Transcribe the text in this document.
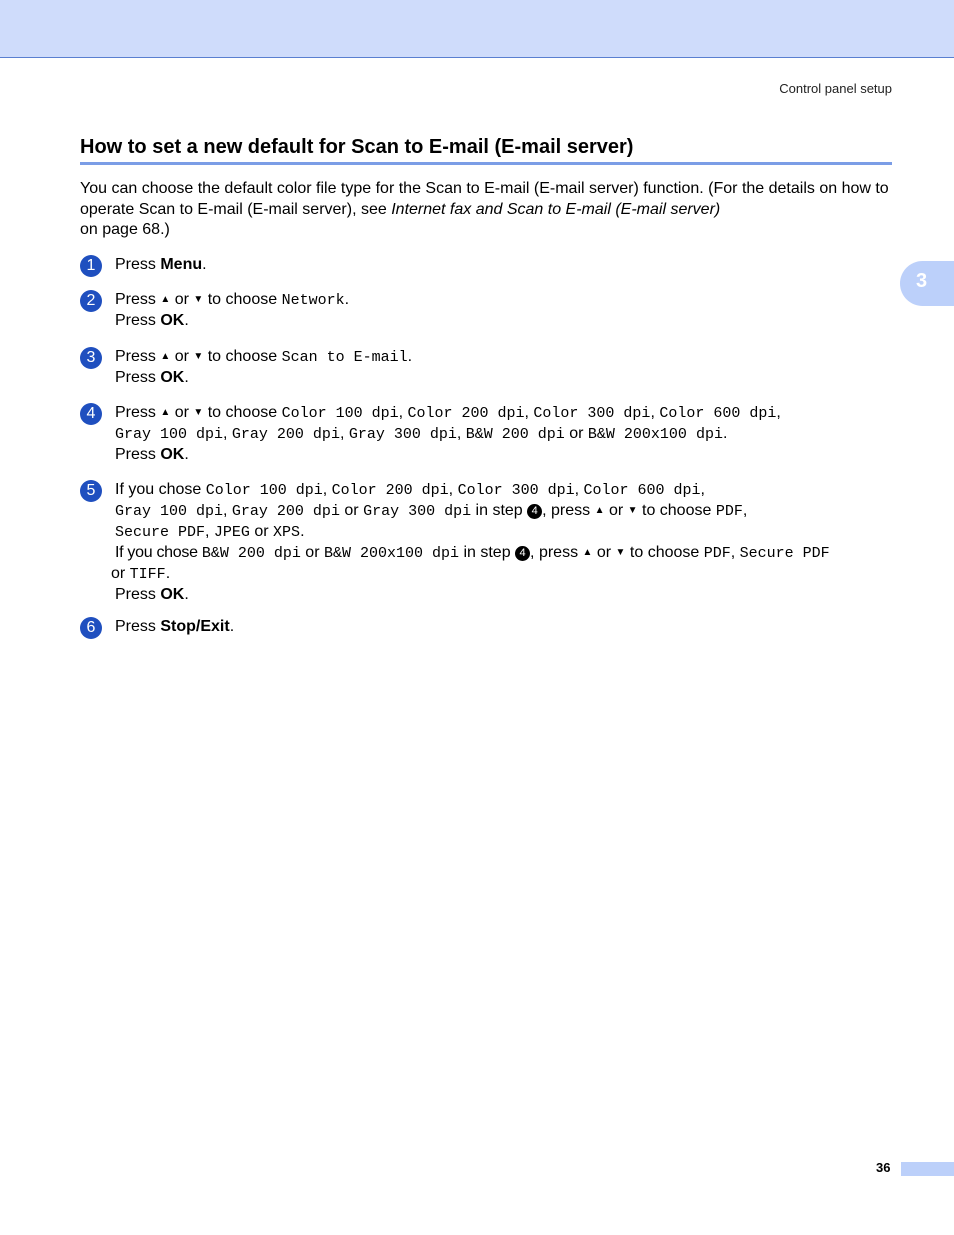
Control panel setup
3
How to set a new default for Scan to E-mail (E-mail server)

You can choose the default color file type for the Scan to E-mail (E-mail server) function. (For the details on how to operate Scan to E-mail (E-mail server), see Internet fax and Scan to E-mail (E-mail server)
on page 68.)

1	Press Menu.
2	Press ▲ or ▼ to choose Network.
Press OK.
3	Press ▲ or ▼ to choose Scan to E-mail.
Press OK.
4	Press ▲ or ▼ to choose Color 100 dpi, Color 200 dpi, Color 300 dpi, Color 600 dpi,
Gray 100 dpi, Gray 200 dpi, Gray 300 dpi, B&W 200 dpi or B&W 200x100 dpi.
Press OK.
5	If you chose Color 100 dpi, Color 200 dpi, Color 300 dpi, Color 600 dpi,
Gray 100 dpi, Gray 200 dpi or Gray 300 dpi in step 4 , press ▲ or ▼ to choose PDF,
Secure PDF, JPEG or XPS.
If you chose B&W 200 dpi or B&W 200x100 dpi in step 4 , press ▲ or ▼ to choose PDF, Secure PDF
or TIFF.
Press OK.
6	Press Stop/Exit.
36
